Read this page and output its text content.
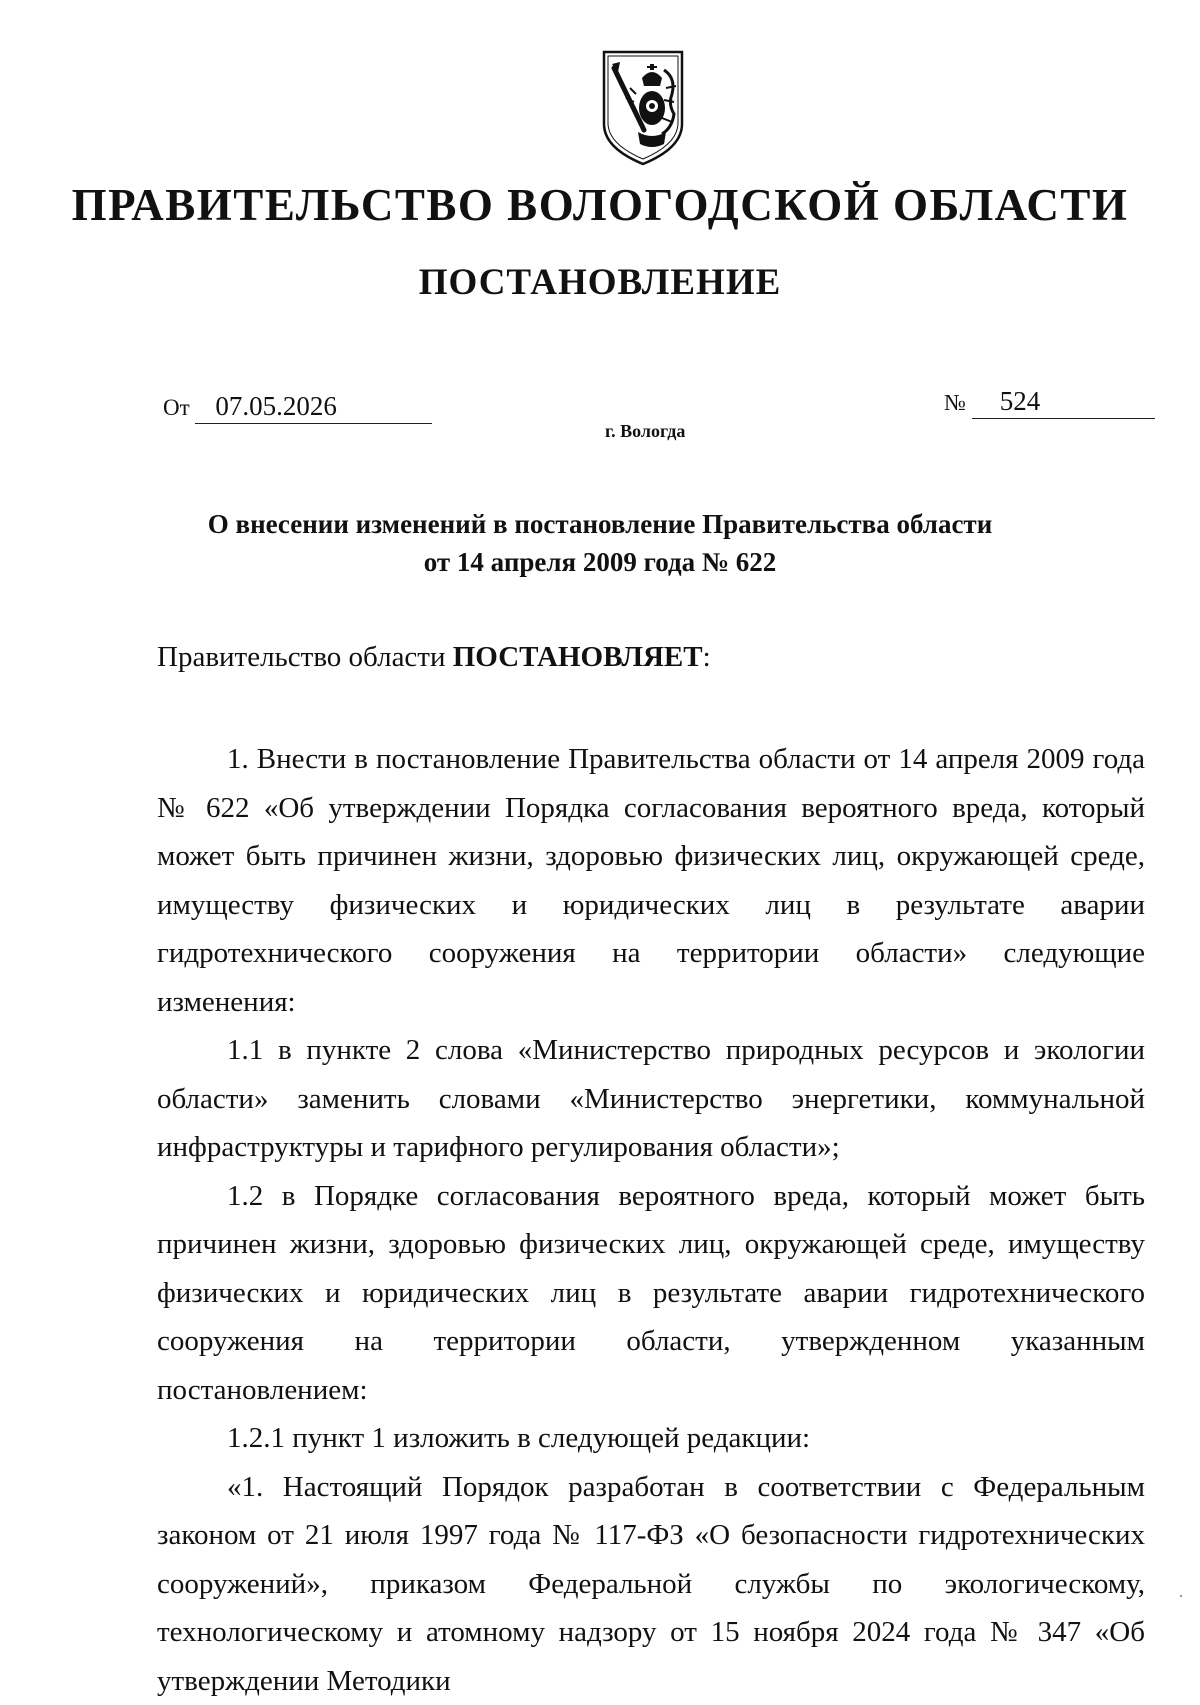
ПРАВИТЕЛЬСТВО ВОЛОГОДСКОЙ ОБЛАСТИ
ПОСТАНОВЛЕНИЕ
От 07.05.2026	№ 524
г. Вологда
О внесении изменений в постановление Правительства области
от 14 апреля 2009 года № 622
Правительство области ПОСТАНОВЛЯЕТ:

1. Внести в постановление Правительства области от 14 апреля 2009 года № 622 «Об утверждении Порядка согласования вероятного вреда, который может быть причинен жизни, здоровью физических лиц, окружающей среде, имуществу физических и юридических лиц в результате аварии гидротехнического сооружения на территории области» следующие изменения:

1.1 в пункте 2 слова «Министерство природных ресурсов и экологии области» заменить словами «Министерство энергетики, коммунальной инфраструктуры и тарифного регулирования области»;

1.2 в Порядке согласования вероятного вреда, который может быть причинен жизни, здоровью физических лиц, окружающей среде, имуществу физических и юридических лиц в результате аварии гидротехнического сооружения на территории области, утвержденном указанным постановлением:

1.2.1 пункт 1 изложить в следующей редакции:

«1. Настоящий Порядок разработан в соответствии с Федеральным законом от 21 июля 1997 года № 117-ФЗ «О безопасности гидротехнических сооружений», приказом Федеральной службы по экологическому, технологическому и атомному надзору от 15 ноября 2024 года № 347 «Об утверждении Методики
